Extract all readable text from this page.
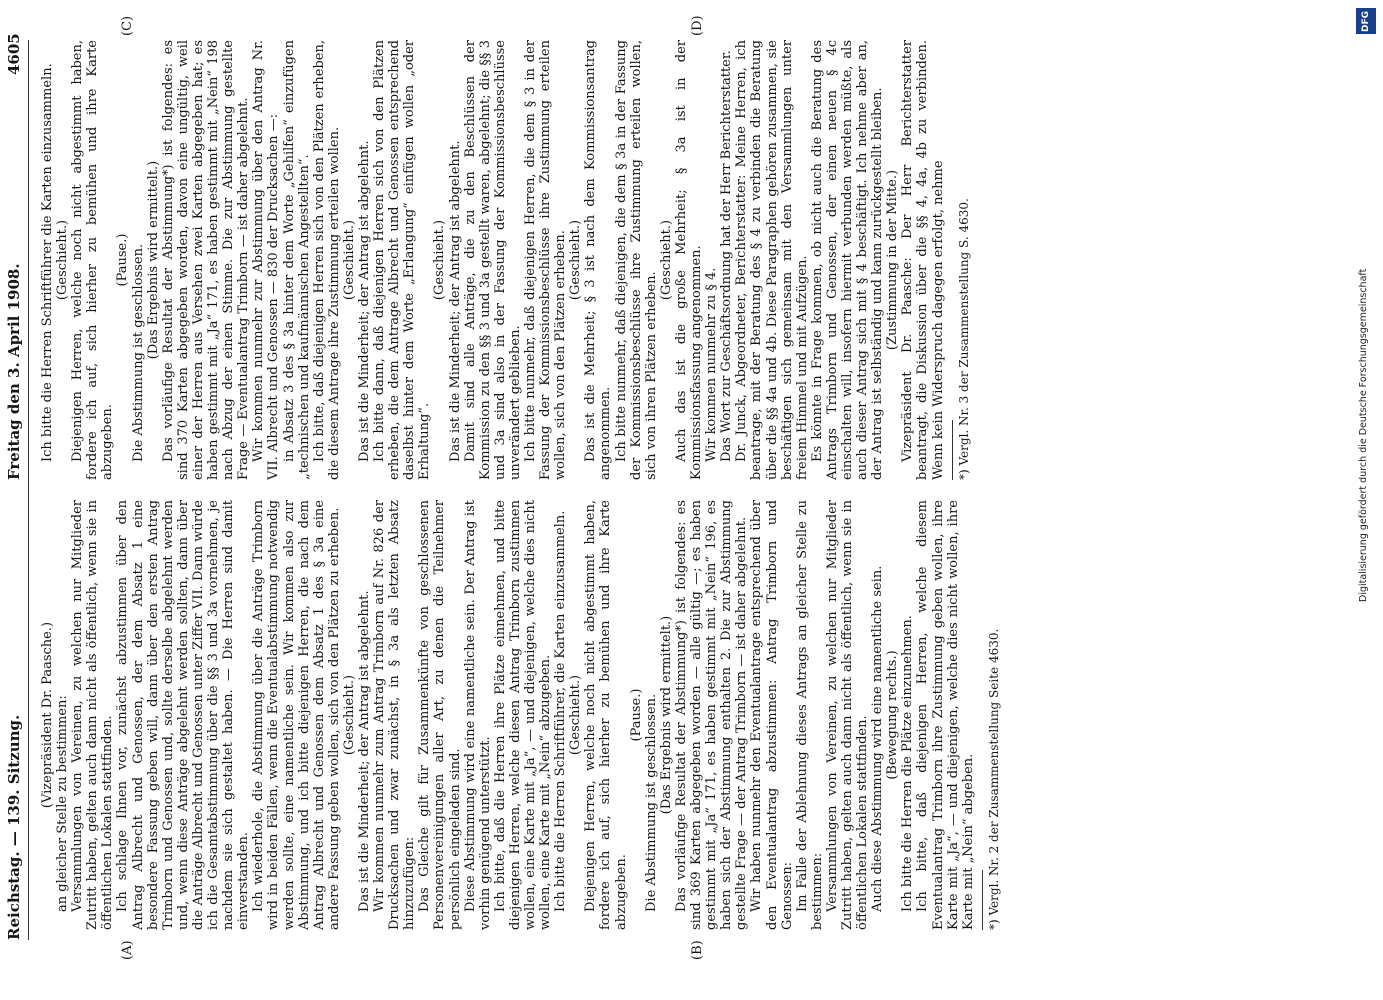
Reichstag. — 139. Sitzung.
Freitag den 3. April 1908.
4605
(A)	(B)
(C)	(D)

(Vizepräsident Dr. Paasche.) an gleicher Stelle zu bestimmen: Versammlungen von Vereinen, zu welchen nur Mitglieder Zutritt haben, gelten auch dann nicht als öffentlich, wenn sie in öffentlichen Lokalen stattfinden. Ich schlage Ihnen vor, zunächst abzustimmen über den Antrag Albrecht und Genossen, der dem Absatz 1 eine besondere Fassung geben will, dann über den ersten Antrag Trimborn und Genossen und, sollte derselbe abgelehnt werden und, wenn diese Anträge abgelehnt werden sollten, dann über die Anträge Albrecht und Genossen unter Ziffer VII. Dann würde ich die Gesamtabstimmung über die §§ 3 und 3a vornehmen, je nachdem sie sich gestaltet haben. — Die Herren sind damit einverstanden. Ich wiederhole, die Abstimmung über die Anträge Trimborn wird in beiden Fällen, wenn die Eventualabstimmung notwendig werden sollte, eine namentliche sein. Wir kommen also zur Abstimmung, und ich bitte diejenigen Herren, die nach dem Antrag Albrecht und Genossen dem Absatz 1 des § 3a eine andere Fassung geben wollen, sich von den Plätzen zu erheben. (Geschieht.) Das ist die Minderheit; der Antrag ist abgelehnt. Wir kommen nunmehr zum Antrag Trimborn auf Nr. 826 der Drucksachen und zwar zunächst, in § 3a als letzten Absatz hinzuzufügen: Das Gleiche gilt für Zusammenkünfte von geschlossenen Personenvereinigungen aller Art, zu denen die Teilnehmer persönlich eingeladen sind. Diese Abstimmung wird eine namentliche sein. Der Antrag ist vorhin genügend unterstützt. Ich bitte, daß die Herren ihre Plätze einnehmen, und bitte diejenigen Herren, welche diesen Antrag Trimborn zustimmen wollen, eine Karte mit „Ja“, — und diejenigen, welche dies nicht wollen, eine Karte mit „Nein“ abzugeben. Ich bitte die Herren Schriftführer, die Karten einzusammeln. (Geschieht.) Diejenigen Herren, welche noch nicht abgestimmt haben, fordere ich auf, sich hierher zu bemühen und ihre Karte abzugeben.

(Pause.) Die Abstimmung ist geschlossen. (Das Ergebnis wird ermittelt.) Das vorläufige Resultat der Abstimmung*) ist folgendes: es sind 369 Karten abgegeben worden — alle gültig —; es haben gestimmt mit „Ja“ 171, es haben gestimmt mit „Nein“ 196, es haben sich der Abstimmung enthalten 2. Die zur Abstimmung gestellte Frage — der Antrag Trimborn — ist daher abgelehnt. Wir haben nunmehr den Eventualantrage entsprechend über den Eventualantrag abzustimmen: Antrag Trimborn und Genossen: Im Falle der Ablehnung dieses Antrags an gleicher Stelle zu bestimmen: Versammlungen von Vereinen, zu welchen nur Mitglieder Zutritt haben, gelten auch dann nicht als öffentlich, wenn sie in öffentlichen Lokalen stattfinden. Auch diese Abstimmung wird eine namentliche sein. (Bewegung rechts.) Ich bitte die Herren die Plätze einzunehmen. Ich bitte, daß diejenigen Herren, welche diesem Eventualantrag Trimborn ihre Zustimmung geben wollen, ihre Karte mit „Ja“, — und diejenigen, welche dies nicht wollen, ihre Karte mit „Nein“ abgeben. *) Vergl. Nr. 2 der Zusammenstellung Seite 4630.

Ich bitte die Herren Schriftführer die Karten einzusammeln. (Geschieht.) Diejenigen Herren, welche noch nicht abgestimmt haben, fordere ich auf, sich hierher zu bemühen und ihre Karte abzugeben.

(Pause.) Die Abstimmung ist geschlossen. (Das Ergebnis wird ermittelt.) Das vorläufige Resultat der Abstimmung*) ist folgendes: es sind 370 Karten abgegeben worden, davon eine ungültig, weil einer der Herren aus Versehen zwei Karten abgegeben hat; es haben gestimmt mit „Ja“ 171, es haben gestimmt mit „Nein“ 198 nach Abzug der einen Stimme. Die zur Abstimmung gestellte Frage — Eventualantrag Trimborn — ist daher abgelehnt. Wir kommen nunmehr zur Abstimmung über den Antrag Nr. VII. Albrecht und Genossen — 830 der Drucksachen —: in Absatz 3 des § 3a hinter dem Worte „Gehilfen“ einzufügen „technischen und kaufmännischen Angestellten“. Ich bitte, daß diejenigen Herren sich von den Plätzen erheben, die diesem Antrage ihre Zustimmung erteilen wollen. (Geschieht.) Das ist die Minderheit; der Antrag ist abgelehnt. Ich bitte dann, daß diejenigen Herren sich von den Plätzen erheben, die dem Antrage Albrecht und Genossen entsprechend daselbst hinter dem Worte „Erlangung“ einfügen wollen „oder Erhaltung“.

(Geschieht.) Das ist die Minderheit; der Antrag ist abgelehnt. Damit sind alle Anträge, die zu den Beschlüssen der Kommission zu den §§ 3 und 3a gestellt waren, abgelehnt; die §§ 3 und 3a sind also in der Fassung der Kommissionsbeschlüsse unverändert geblieben. Ich bitte nunmehr, daß diejenigen Herren, die dem § 3 in der Fassung der Kommissionsbeschlüsse ihre Zustimmung erteilen wollen, sich von den Plätzen erheben. (Geschieht.) Das ist die Mehrheit; § 3 ist nach dem Kommissionsantrag angenommen. Ich bitte nunmehr, daß diejenigen, die dem § 3a in der Fassung der Kommissionsbeschlüsse ihre Zustimmung erteilen wollen, sich von ihren Plätzen erheben.

(Geschieht.) Auch das ist die große Mehrheit; § 3a ist in der Kommissionsfassung angenommen. Wir kommen nunmehr zu § 4. Das Wort zur Geschäftsordnung hat der Herr Berichterstatter. Dr. Junck, Abgeordneter, Berichterstatter: Meine Herren, ich beantrage, mit der Beratung des § 4 zu verbinden die Beratung über die §§ 4a und 4b. Diese Paragraphen gehören zusammen, sie beschäftigen sich gemeinsam mit den Versammlungen unter freiem Himmel und mit Aufzügen. Es könnte in Frage kommen, ob nicht auch die Beratung des Antrags Trimborn und Genossen, der einen neuen § 4c einschalten will, insofern hiermit verbunden werden müßte, als auch dieser Antrag sich mit § 4 beschäftigt. Ich nehme aber an, der Antrag ist selbständig und kann zurückgestellt bleiben. (Zustimmung in der Mitte.) Vizepräsident Dr. Paasche: Der Herr Berichterstatter beantragt, die Diskussion über die §§ 4, 4a, 4b zu verbinden. Wenn kein Widerspruch dagegen erfolgt, nehme *) Vergl. Nr. 3 der Zusammenstellung S. 4630.

DFG
Digitalisierung gefördert durch die Deutsche Forschungsgemeinschaft
